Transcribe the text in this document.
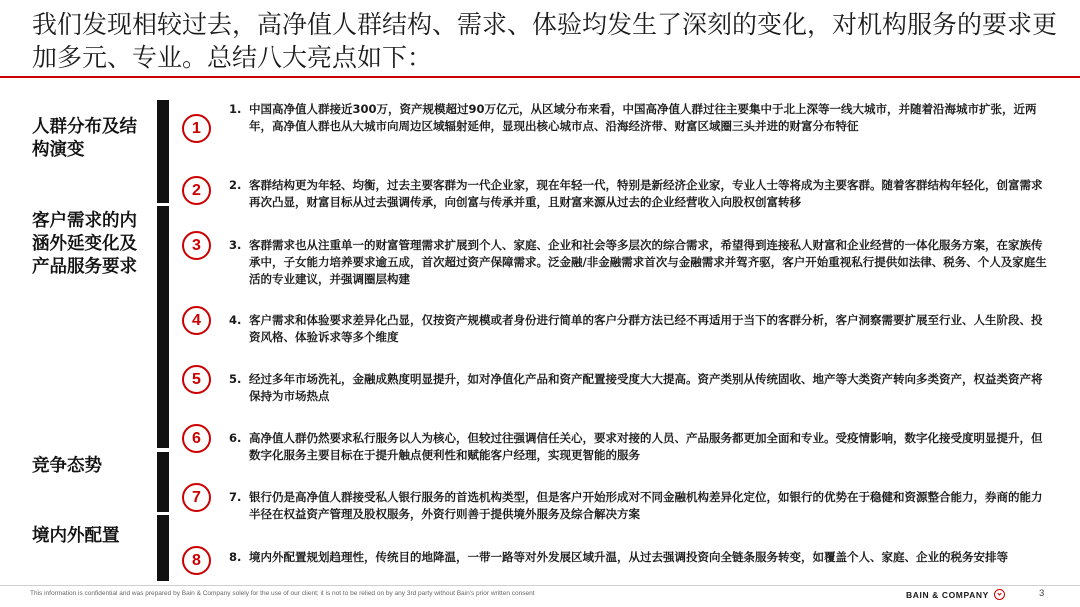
我们发现相较过去，高净值人群结构、需求、体验均发生了深刻的变化，对机构服务的要求更加多元、专业。总结八大亮点如下：
人群分布及结构演变
客户需求的内涵外延变化及产品服务要求
竞争态势
境内外配置
1
2
3
4
5
6
7
8
1. 中国高净值人群接近300万，资产规模超过90万亿元，从区域分布来看，中国高净值人群过往主要集中于北上深等一线大城市，并随着沿海城市扩张，近两年，高净值人群也从大城市向周边区域辐射延伸，显现出核心城市点、沿海经济带、财富区域圈三头并进的财富分布特征
2. 客群结构更为年轻、均衡，过去主要客群为一代企业家，现在年轻一代，特别是新经济企业家，专业人士等将成为主要客群。随着客群结构年轻化，创富需求再次凸显，财富目标从过去强调传承，向创富与传承并重，且财富来源从过去的企业经营收入向股权创富转移
3. 客群需求也从注重单一的财富管理需求扩展到个人、家庭、企业和社会等多层次的综合需求，希望得到连接私人财富和企业经营的一体化服务方案，在家族传承中，子女能力培养要求逾五成，首次超过资产保障需求。泛金融/非金融需求首次与金融需求并驾齐驱，客户开始重视私行提供如法律、税务、个人及家庭生活的专业建议，并强调圈层构建
4. 客户需求和体验要求差异化凸显，仅按资产规模或者身份进行简单的客户分群方法已经不再适用于当下的客群分析，客户洞察需要扩展至行业、人生阶段、投资风格、体验诉求等多个维度
5. 经过多年市场洗礼，金融成熟度明显提升，如对净值化产品和资产配置接受度大大提高。资产类别从传统固收、地产等大类资产转向多类资产，权益类资产将保持为市场热点
6. 高净值人群仍然要求私行服务以人为核心，但较过往强调信任关心，要求对接的人员、产品服务都更加全面和专业。受疫情影响，数字化接受度明显提升，但数字化服务主要目标在于提升触点便利性和赋能客户经理，实现更智能的服务
7. 银行仍是高净值人群接受私人银行服务的首选机构类型，但是客户开始形成对不同金融机构差异化定位，如银行的优势在于稳健和资源整合能力，券商的能力半径在权益资产管理及股权服务，外资行则善于提供境外服务及综合解决方案
8. 境内外配置规划趋理性，传统目的地降温，一带一路等对外发展区域升温，从过去强调投资向全链条服务转变，如覆盖个人、家庭、企业的税务安排等
This information is confidential and was prepared by Bain & Company solely for the use of our client; it is not to be relied on by any 3rd party without Bain's prior written consent	BAIN & COMPANY	3
